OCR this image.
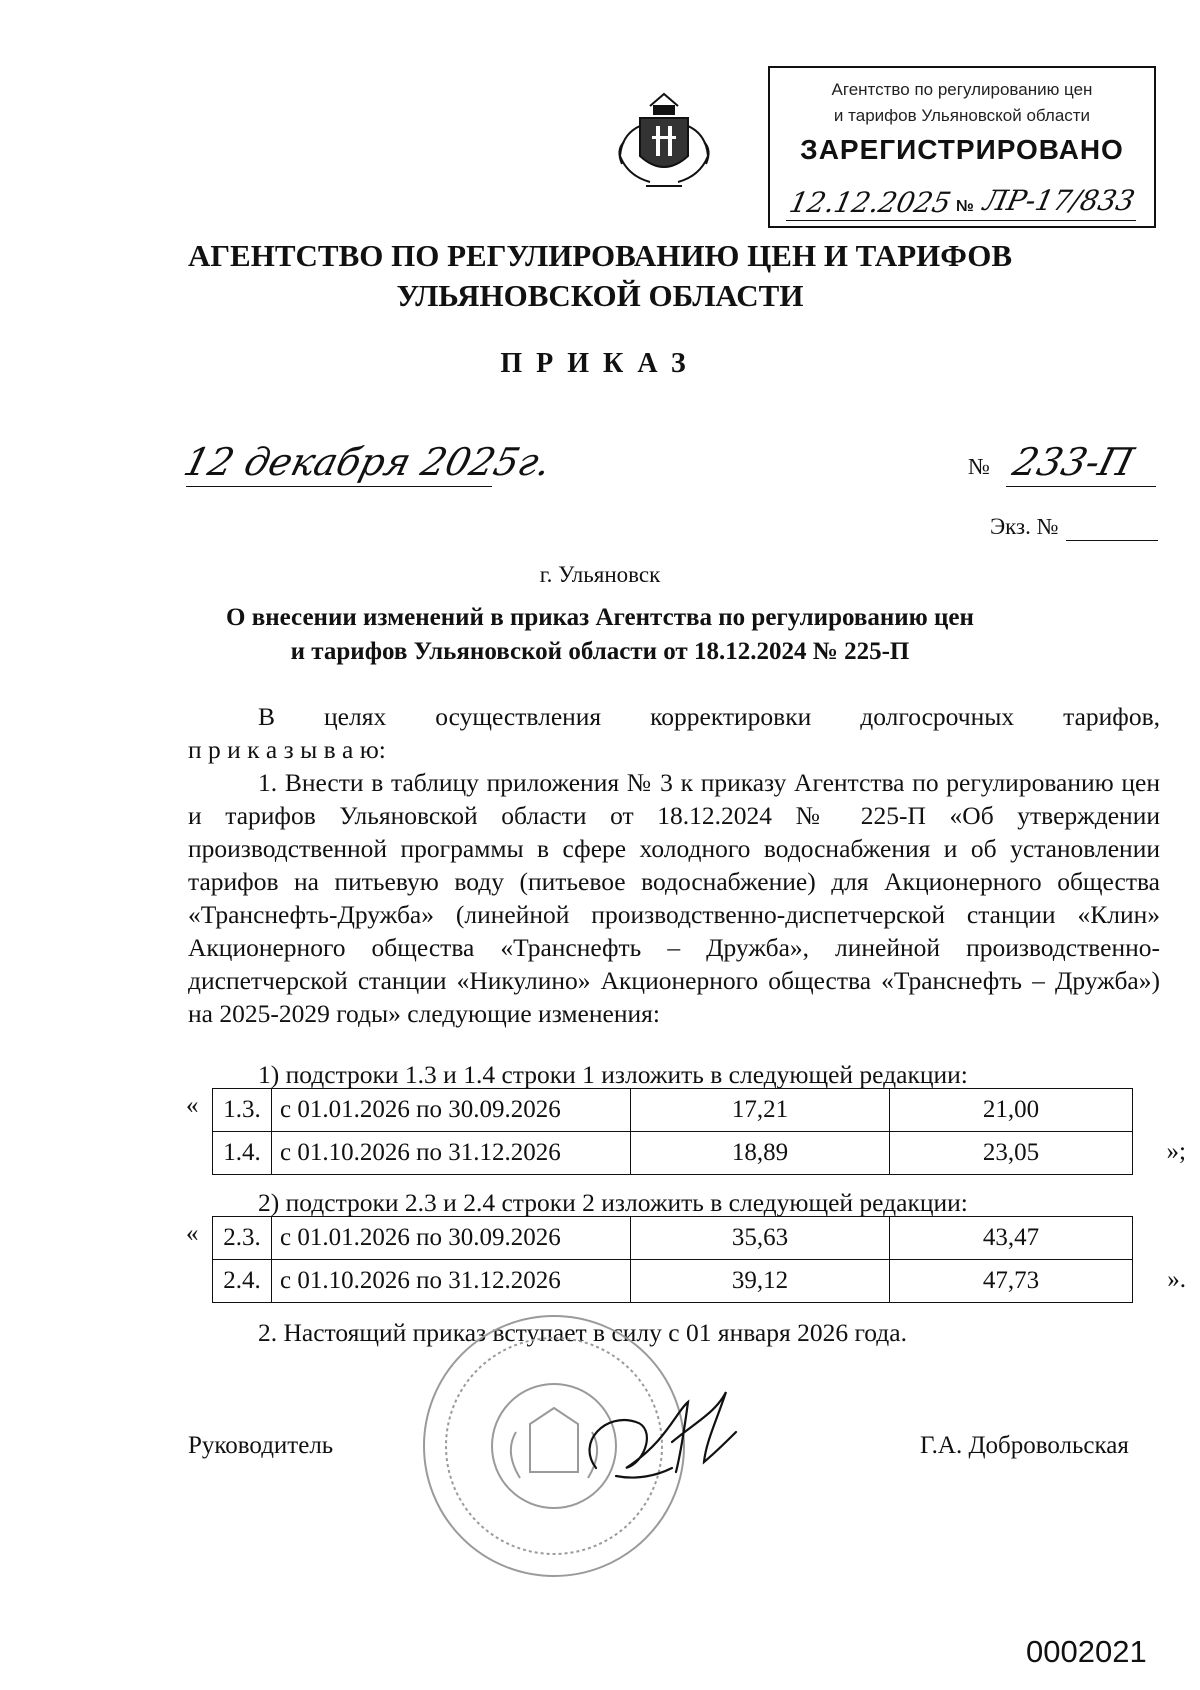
Агентство по регулированию цен
и тарифов Ульяновской области
ЗАРЕГИСТРИРОВАНО
12.12.2025 № ЛР-17/833
АГЕНТСТВО ПО РЕГУЛИРОВАНИЮ ЦЕН И ТАРИФОВ
УЛЬЯНОВСКОЙ ОБЛАСТИ
ПРИКАЗ
12 декабря 2025г.	№ 233-П
Экз. №
г. Ульяновск
О внесении изменений в приказ Агентства по регулированию цен
и тарифов Ульяновской области от 18.12.2024 № 225-П
В целях осуществления корректировки долгосрочных тарифов,
п р и к а з ы в а ю:
1. Внести в таблицу приложения № 3 к приказу Агентства по регулированию цен и тарифов Ульяновской области от 18.12.2024 № 225-П «Об утверждении производственной программы в сфере холодного водоснабжения и об установлении тарифов на питьевую воду (питьевое водоснабжение) для Акционерного общества «Транснефть-Дружба» (линейной производственно-диспетчерской станции «Клин» Акционерного общества «Транснефть – Дружба», линейной производственно-диспетчерской станции «Никулино» Акционерного общества «Транснефть – Дружба») на 2025-2029 годы» следующие изменения:
1) подстроки 1.3 и 1.4 строки 1 изложить в следующей редакции:
« 1.3.	с 01.01.2026 по 30.09.2026	17,21	21,00
1.4.	с 01.10.2026 по 31.12.2026	18,89	23,05	»;
2) подстроки 2.3 и 2.4 строки 2 изложить в следующей редакции:
« 2.3.	с 01.01.2026 по 30.09.2026	35,63	43,47
2.4.	с 01.10.2026 по 31.12.2026	39,12	47,73	».
2. Настоящий приказ вступает в силу с 01 января 2026 года.
Руководитель	Г.А. Добровольская
0002021
